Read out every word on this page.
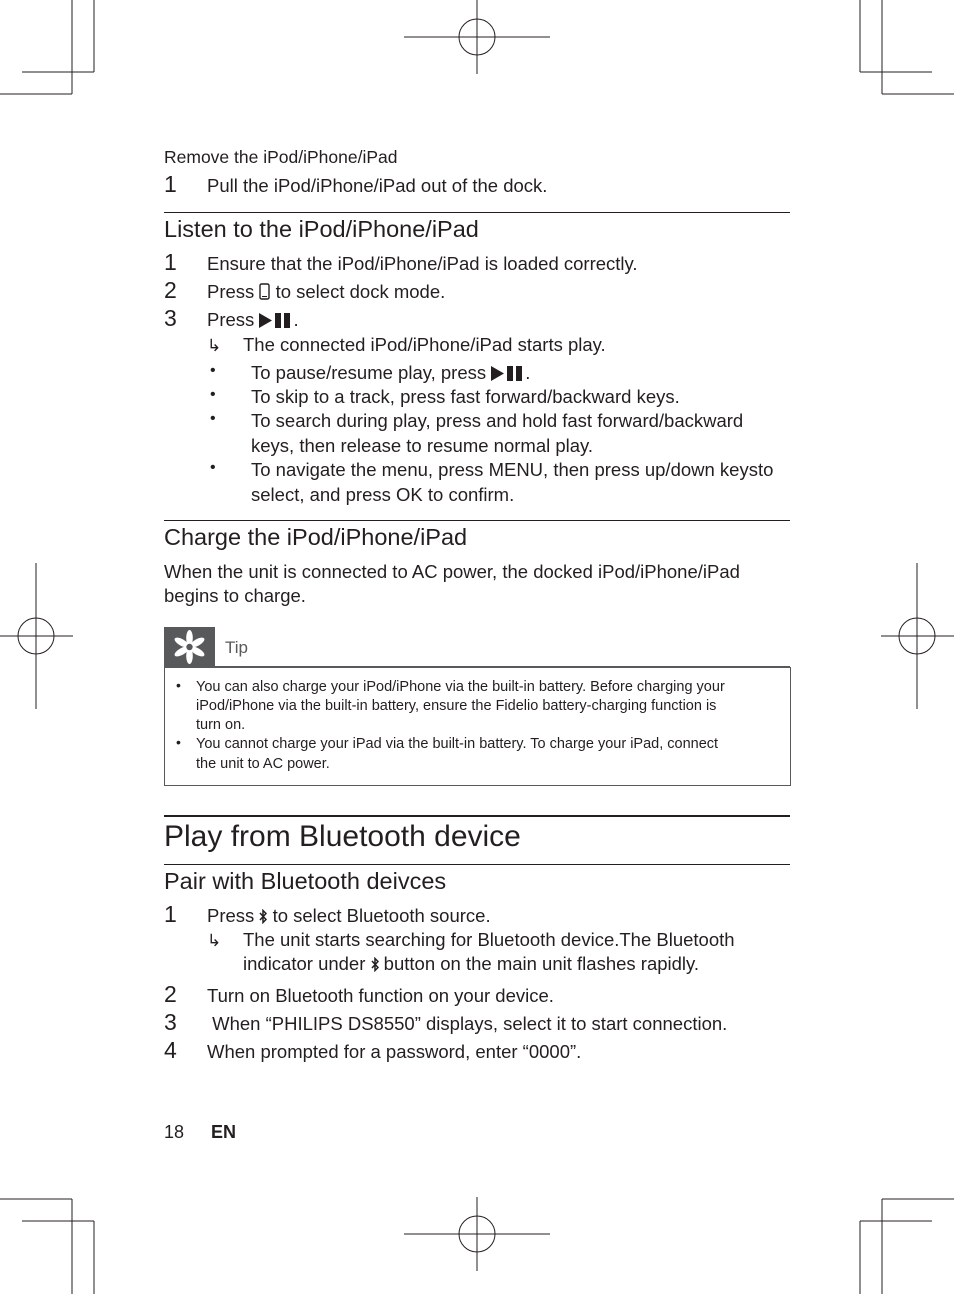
Remove the iPod/iPhone/iPad
1 Pull the iPod/iPhone/iPad out of the dock.
Listen to the iPod/iPhone/iPad
1 Ensure that the iPod/iPhone/iPad is loaded correctly.
2 Press to select dock mode.
3 Press .
↳ The connected iPod/iPhone/iPad starts play.
• To pause/resume play, press .
• To skip to a track, press fast forward/backward keys.
• To search during play, press and hold fast forward/backward
keys, then release to resume normal play.
• To navigate the menu, press MENU, then press up/down keysto
select, and press OK to confirm.
Charge the iPod/iPhone/iPad
When the unit is connected to AC power, the docked iPod/iPhone/iPad
begins to charge.
Tip
• You can also charge your iPod/iPhone via the built-in battery. Before charging your
iPod/iPhone via the built-in battery, ensure the Fidelio battery-charging function is
turn on.
• You cannot charge your iPad via the built-in battery. To charge your iPad, connect
the unit to AC power.
Play from Bluetooth device
Pair with Bluetooth deivces
1 Press to select Bluetooth source.
↳ The unit starts searching for Bluetooth device.The Bluetooth
indicator under button on the main unit flashes rapidly.
2 Turn on Bluetooth function on your device.
3 When “PHILIPS DS8550” displays, select it to start connection.
4 When prompted for a password, enter “0000”.
18 EN
